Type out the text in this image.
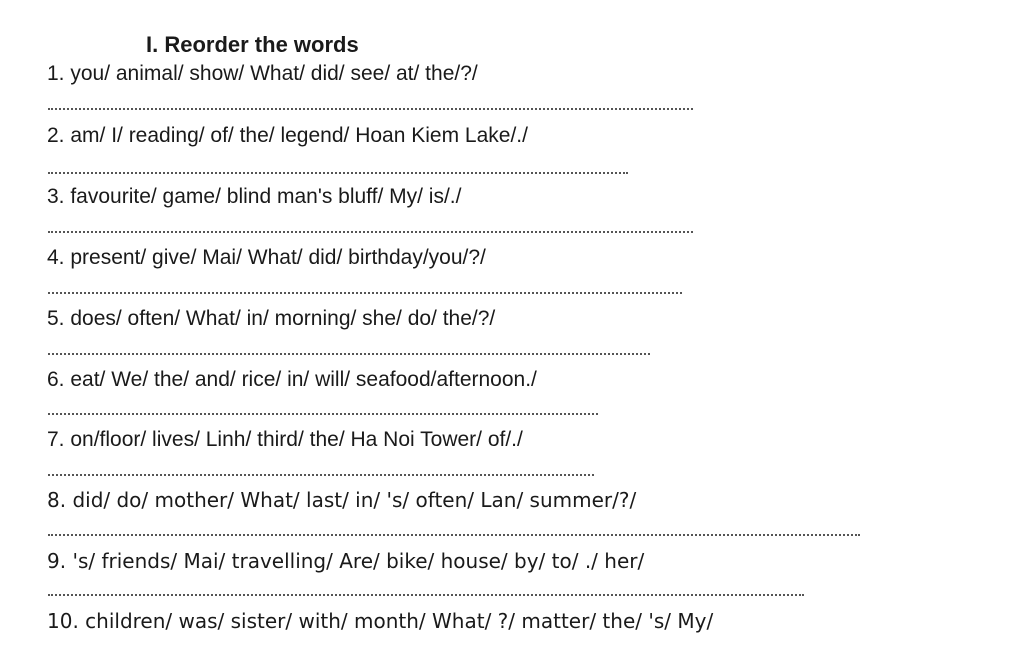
I. Reorder the words
1. you/ animal/ show/ What/ did/ see/ at/ the/?/
2. am/ I/ reading/ of/ the/ legend/ Hoan Kiem Lake/./
3. favourite/ game/ blind man's bluff/ My/ is/./
4. present/ give/ Mai/ What/ did/ birthday/you/?/
5. does/ often/ What/ in/ morning/ she/ do/ the/?/
6. eat/ We/ the/ and/ rice/ in/ will/ seafood/afternoon./
7. on/floor/ lives/ Linh/ third/ the/ Ha Noi Tower/ of/./
8. did/ do/ mother/ What/ last/ in/ 's/ often/ Lan/ summer/?/
9. 's/ friends/ Mai/ travelling/ Are/ bike/ house/ by/ to/ ./ her/
10. children/ was/ sister/ with/ month/ What/ ?/ matter/ the/ 's/ My/
